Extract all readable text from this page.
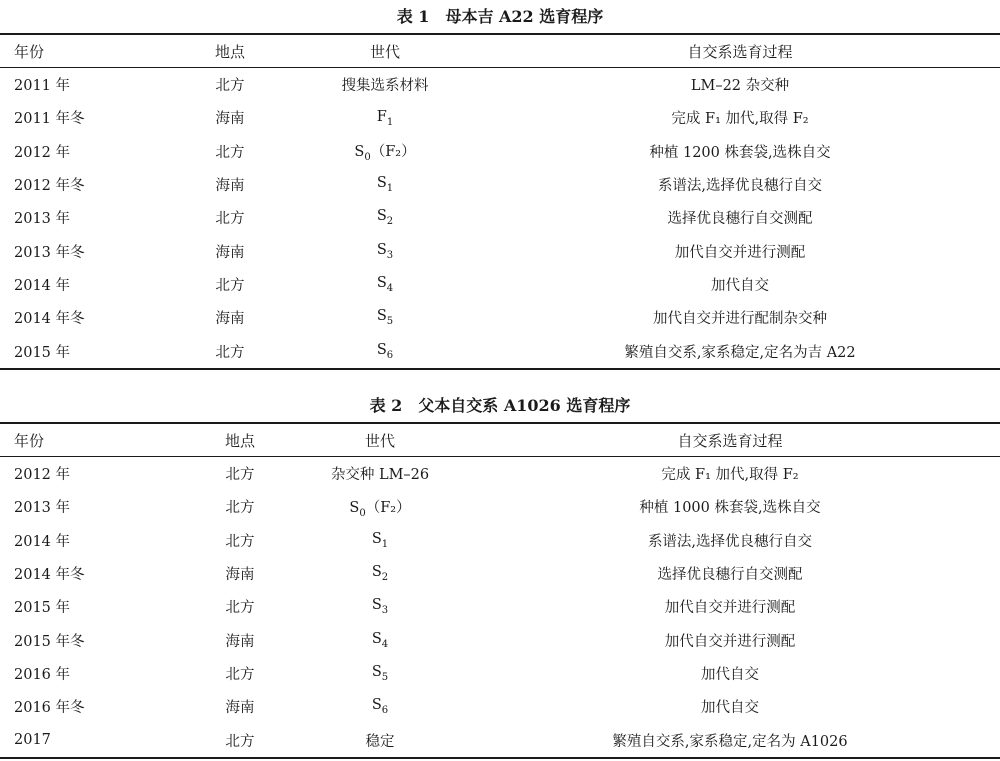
表 1　母本吉 A22 选育程序
年份	地点	世代	自交系选育过程
2011 年	北方	搜集选系材料	LM–22 杂交种
2011 年冬	海南	$F_1$	完成 F₁ 加代,取得 F₂
2012 年	北方	$S_0(F_2)$	种植 1200 株套袋,选株自交
2012 年冬	海南	$S_1$	系谱法,选择优良穗行自交
2013 年	北方	$S_2$	选择优良穗行自交测配
2013 年冬	海南	$S_3$	加代自交并进行测配
2014 年	北方	$S_4$	加代自交
2014 年冬	海南	$S_5$	加代自交并进行配制杂交种
2015 年	北方	$S_6$	繁殖自交系,家系稳定,定名为吉 A22
表 2　父本自交系 A1026 选育程序
年份	地点	世代	自交系选育过程
2012 年	北方	杂交种 LM–26	完成 F₁ 加代,取得 F₂
2013 年	北方	$S_0(F_2)$	种植 1000 株套袋,选株自交
2014 年	北方	$S_1$	系谱法,选择优良穗行自交
2014 年冬	海南	$S_2$	选择优良穗行自交测配
2015 年	北方	$S_3$	加代自交并进行测配
2015 年冬	海南	$S_4$	加代自交并进行测配
2016 年	北方	$S_5$	加代自交
2016 年冬	海南	$S_6$	加代自交
2017	北方	稳定	繁殖自交系,家系稳定,定名为 A1026
